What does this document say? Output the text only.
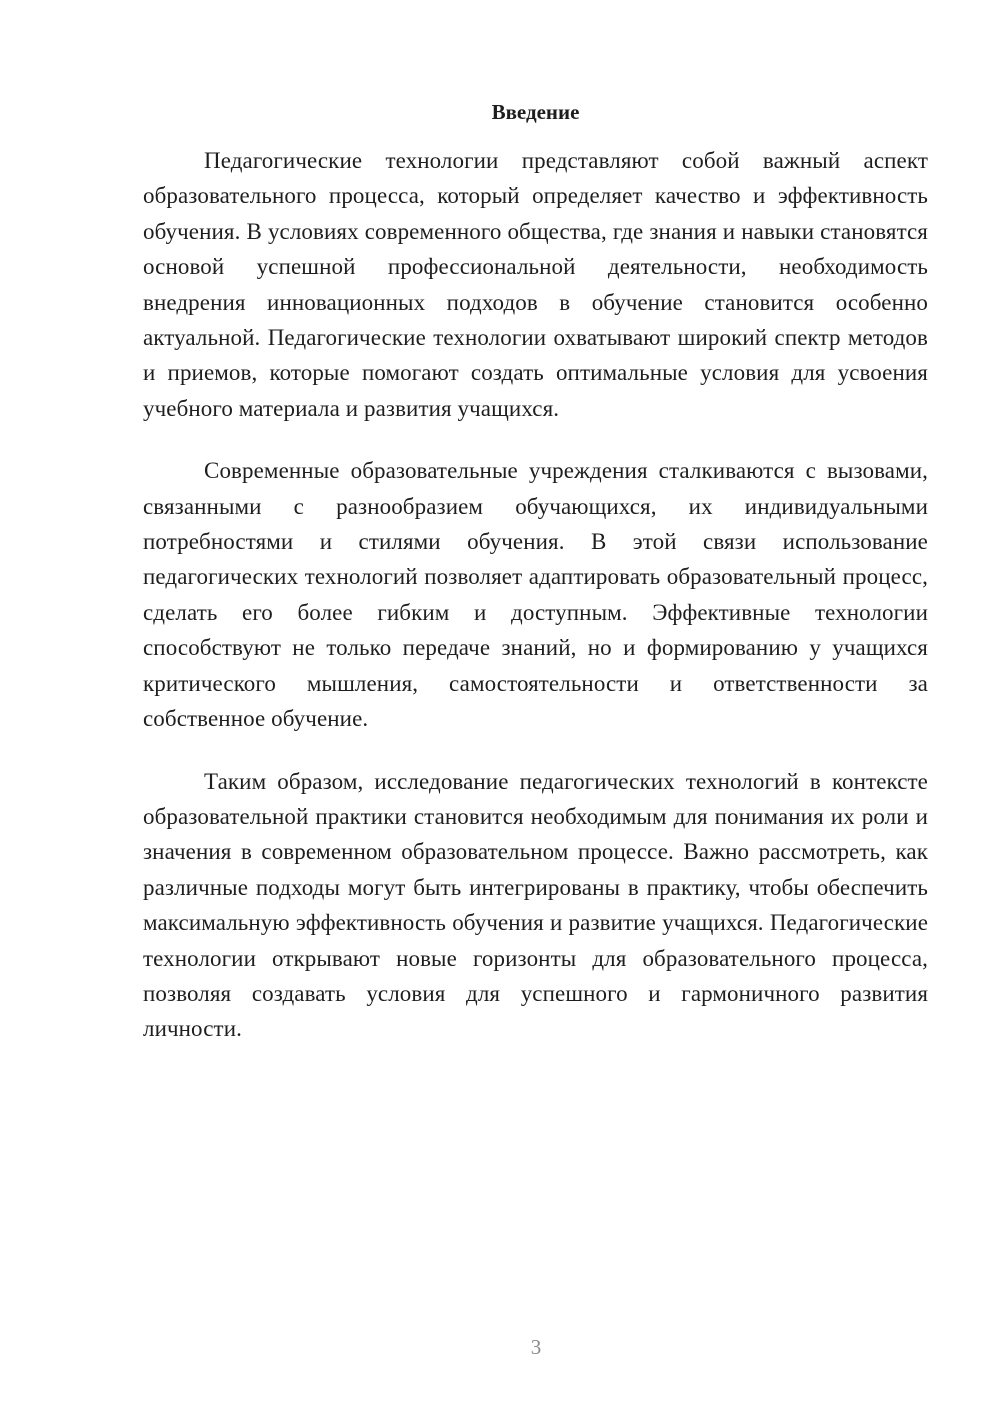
Введение

Педагогические технологии представляют собой важный аспект образовательного процесса, который определяет качество и эффективность обучения. В условиях современного общества, где знания и навыки становятся основой успешной профессиональной деятельности, необходимость внедрения инновационных подходов в обучение становится особенно актуальной. Педагогические технологии охватывают широкий спектр методов и приемов, которые помогают создать оптимальные условия для усвоения учебного материала и развития учащихся.

Современные образовательные учреждения сталкиваются с вызовами, связанными с разнообразием обучающихся, их индивидуальными потребностями и стилями обучения. В этой связи использование педагогических технологий позволяет адаптировать образовательный процесс, сделать его более гибким и доступным. Эффективные технологии способствуют не только передаче знаний, но и формированию у учащихся критического мышления, самостоятельности и ответственности за собственное обучение.

Таким образом, исследование педагогических технологий в контексте образовательной практики становится необходимым для понимания их роли и значения в современном образовательном процессе. Важно рассмотреть, как различные подходы могут быть интегрированы в практику, чтобы обеспечить максимальную эффективность обучения и развитие учащихся. Педагогические технологии открывают новые горизонты для образовательного процесса, позволяя создавать условия для успешного и гармоничного развития личности.

3
